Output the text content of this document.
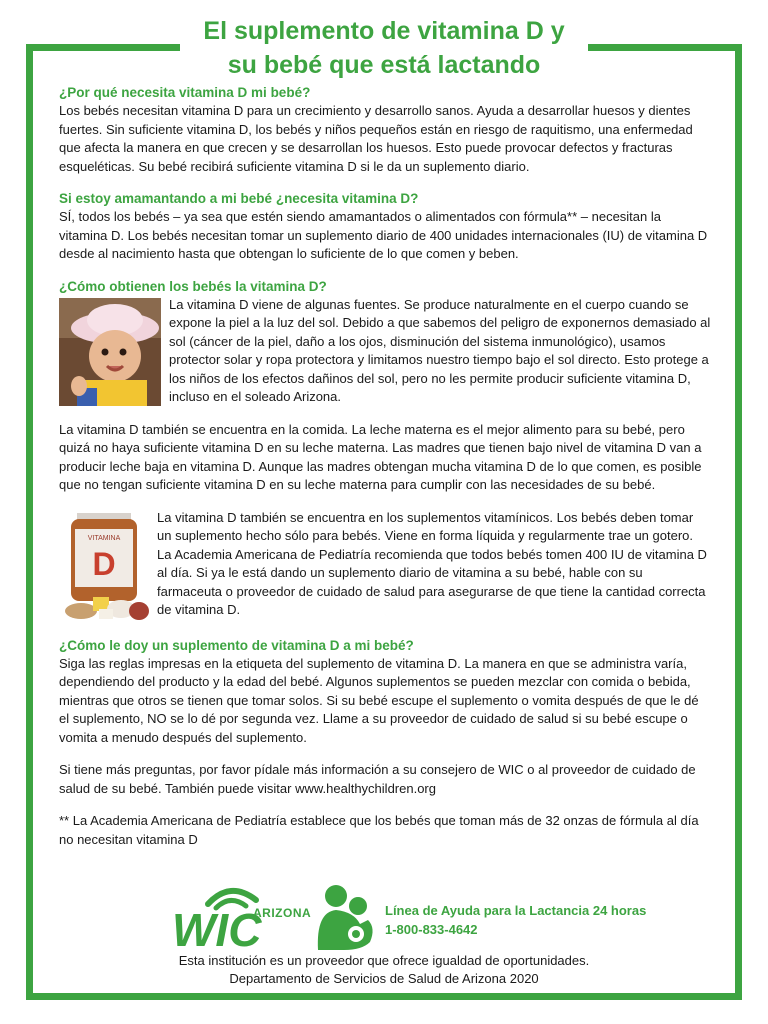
El suplemento de vitamina D y
su bebé que está lactando
¿Por qué necesita vitamina D mi bebé?

Los bebés necesitan vitamina D para un crecimiento y desarrollo sanos. Ayuda a desarrollar huesos y dientes fuertes. Sin suficiente vitamina D, los bebés y niños pequeños están en riesgo de raquitismo, una enfermedad que afecta la manera en que crecen y se desarrollan los huesos. Esto puede provocar defectos y fracturas esqueléticas. Su bebé recibirá suficiente vitamina D si le da un suplemento diario.

Si estoy amamantando a mi bebé ¿necesita vitamina D?

SÍ, todos los bebés – ya sea que estén siendo amamantados o alimentados con fórmula** – necesitan la vitamina D. Los bebés necesitan tomar un suplemento diario de 400 unidades internacionales (IU) de vitamina D desde al nacimiento hasta que obtengan lo suficiente de lo que comen y beben.

¿Cómo obtienen los bebés la vitamina D?

La vitamina D viene de algunas fuentes. Se produce naturalmente en el cuerpo cuando se expone la piel a la luz del sol. Debido a que sabemos del peligro de exponernos demasiado al sol (cáncer de la piel, daño a los ojos, disminución del sistema inmunológico), usamos protector solar y ropa protectora y limitamos nuestro tiempo bajo el sol directo. Esto protege a los niños de los efectos dañinos del sol, pero no les permite producir suficiente vitamina D, incluso en el soleado Arizona.

La vitamina D también se encuentra en la comida. La leche materna es el mejor alimento para su bebé, pero quizá no haya suficiente vitamina D en su leche materna. Las madres que tienen bajo nivel de vitamina D van a producir leche baja en vitamina D. Aunque las madres obtengan mucha vitamina D de lo que comen, es posible que no tengan suficiente vitamina D en su leche materna para cumplir con las necesidades de su bebé.

VITAMINA
D

La vitamina D también se encuentra en los suplementos vitamínicos. Los bebés deben tomar un suplemento hecho sólo para bebés. Viene en forma líquida y regularmente trae un gotero. La Academia Americana de Pediatría recomienda que todos bebés tomen 400 IU de vitamina D al día. Si ya le está dando un suplemento diario de vitamina a su bebé, hable con su farmaceuta o proveedor de cuidado de salud para asegurarse de que tiene la cantidad correcta de vitamina D.

¿Cómo le doy un suplemento de vitamina D a mi bebé?

Siga las reglas impresas en la etiqueta del suplemento de vitamina D. La manera en que se administra varía, dependiendo del producto y la edad del bebé. Algunos suplementos se pueden mezclar con comida o bebida, mientras que otros se tienen que tomar solos. Si su bebé escupe el suplemento o vomita después de que le dé el suplemento, NO se lo dé por segunda vez. Llame a su proveedor de cuidado de salud si su bebé escupe o vomita a menudo después del suplemento.

Si tiene más preguntas, por favor pídale más información a su consejero de WIC o al proveedor de cuidado de salud de su bebé. También puede visitar www.healthychildren.org

** La Academia Americana de Pediatría establece que los bebés que toman más de 32 onzas de fórmula al día no necesitan vitamina D

WIC
ARIZONA	Línea de Ayuda para la Lactancia 24 horas
1-800-833-4642
Esta institución es un proveedor que ofrece igualdad de oportunidades.
Departamento de Servicios de Salud de Arizona 2020
